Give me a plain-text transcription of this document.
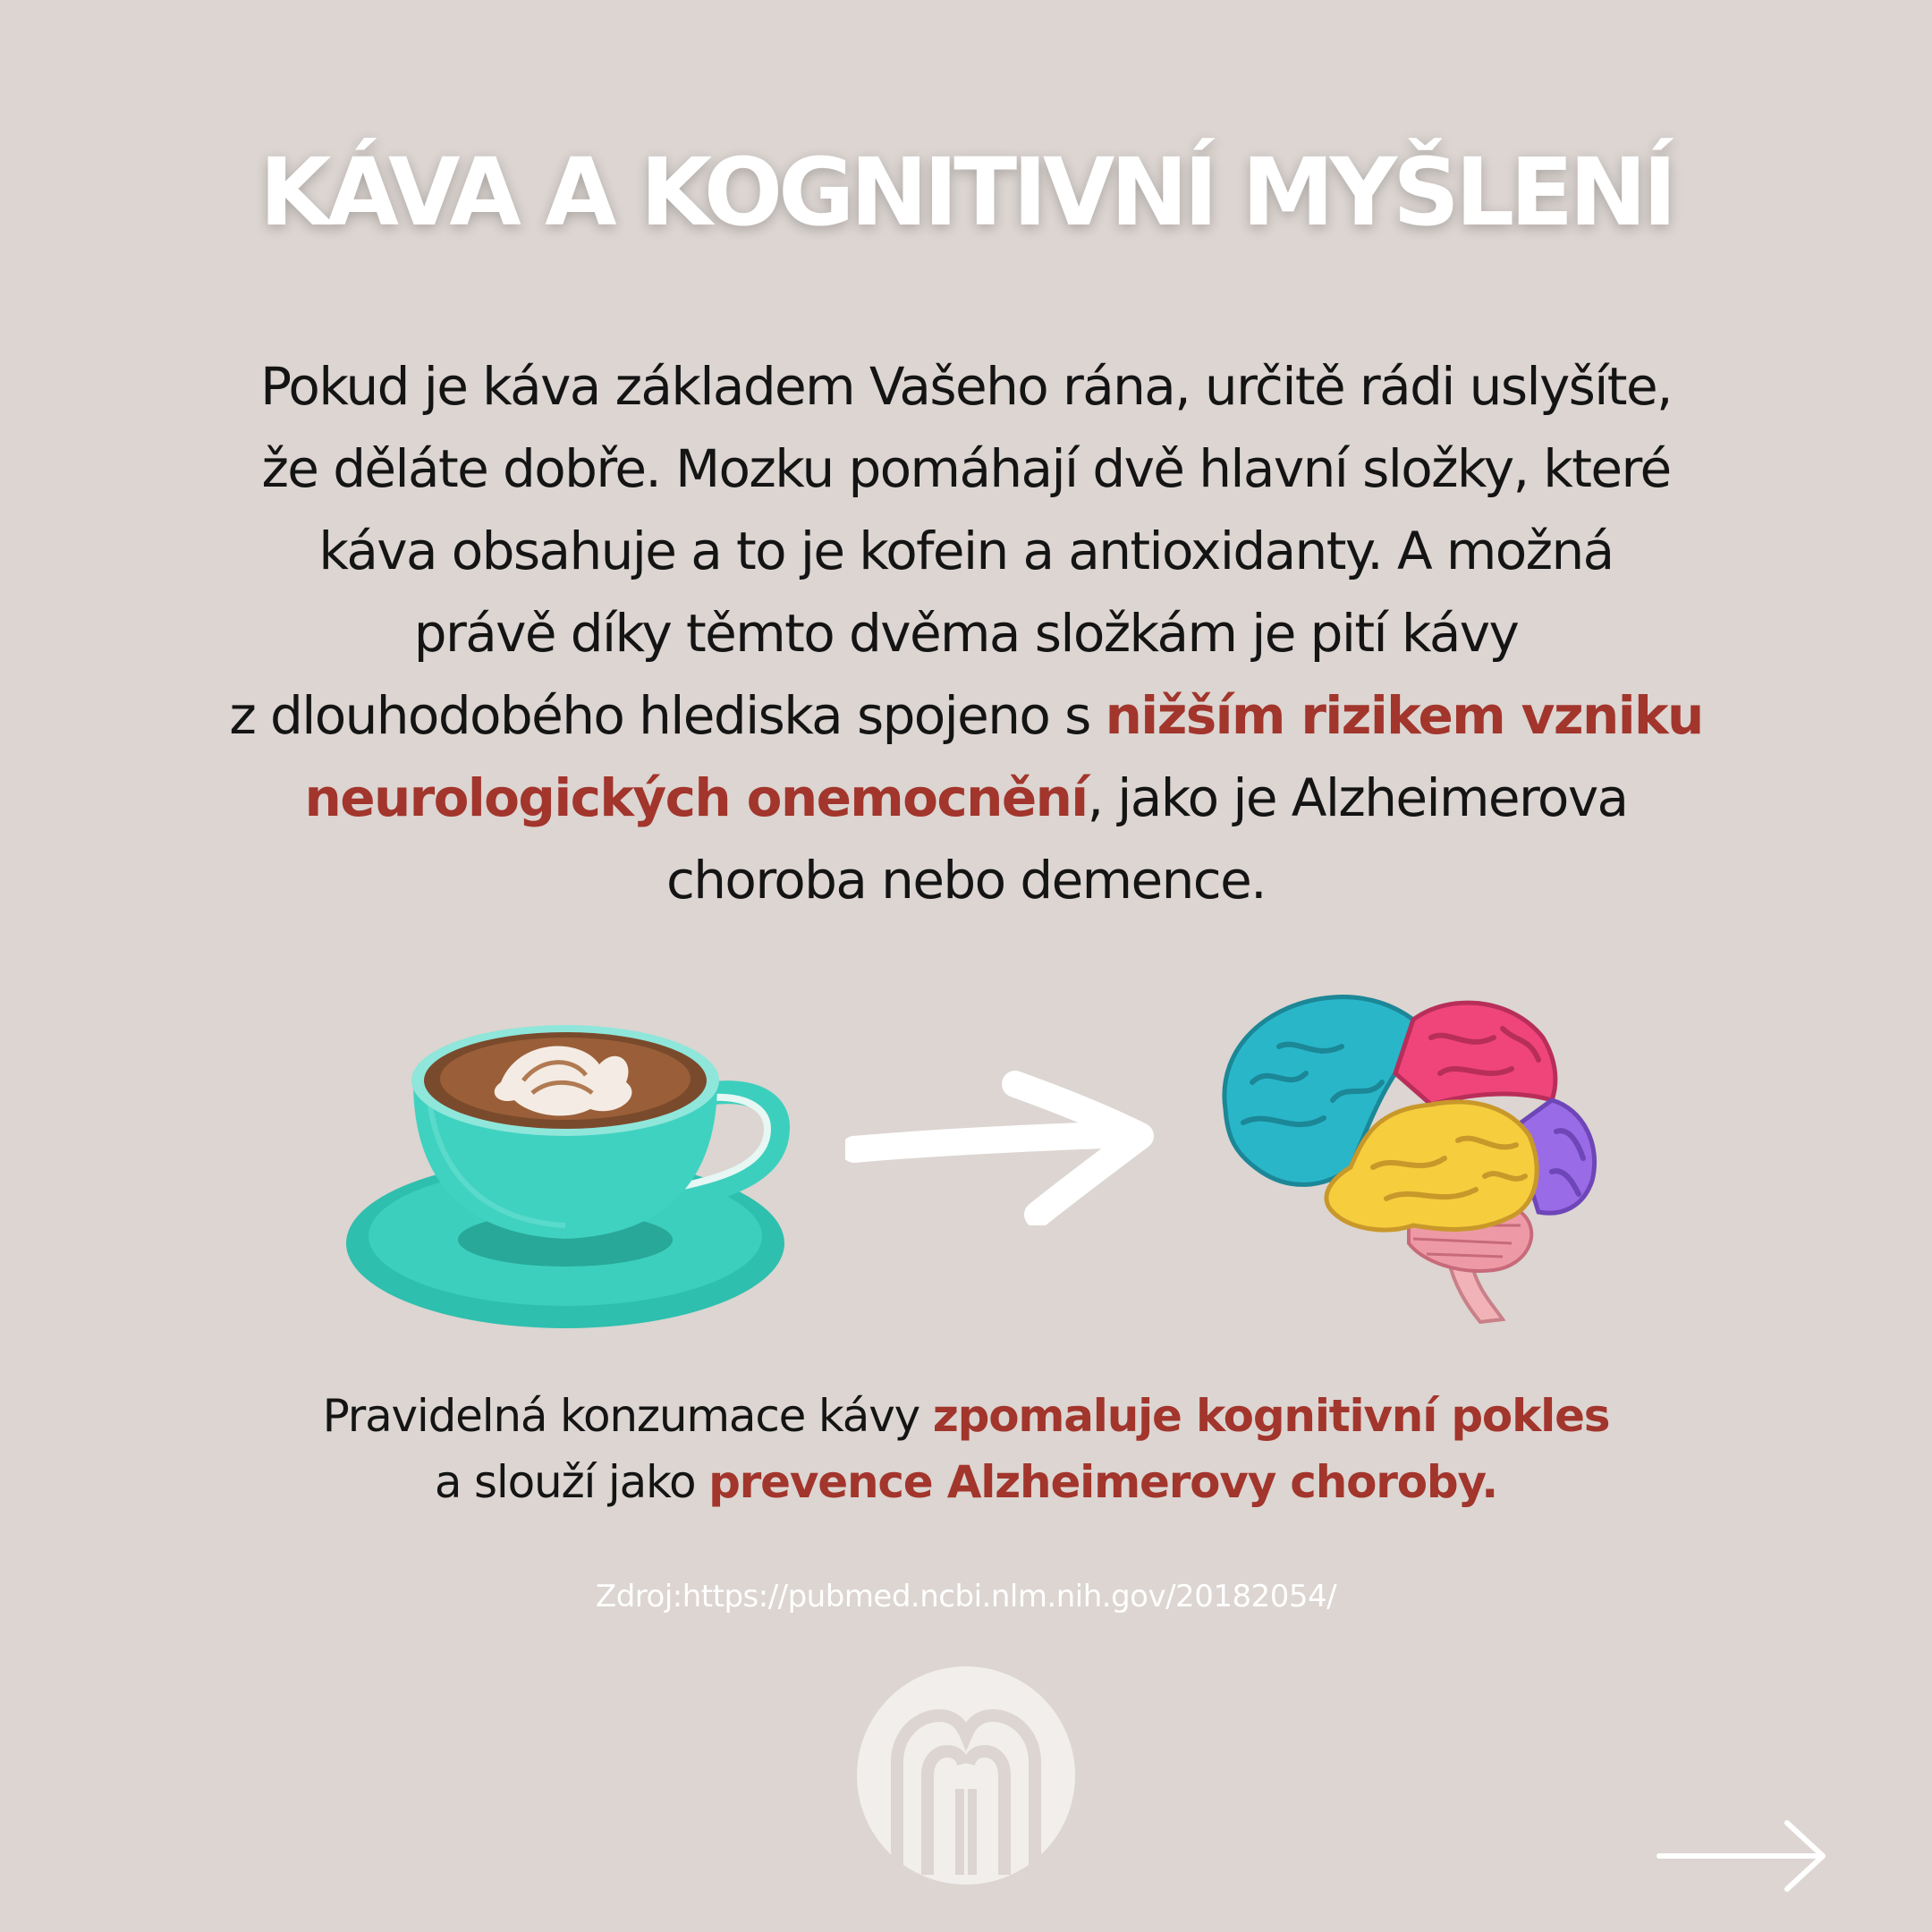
KÁVA A KOGNITIVNÍ MYŠLENÍ
Pokud je káva základem Vašeho rána, určitě rádi uslyšíte,
že děláte dobře. Mozku pomáhají dvě hlavní složky, které
káva obsahuje a to je kofein a antioxidanty. A možná
právě díky těmto dvěma složkám je pití kávy
z dlouhodobého hlediska spojeno s nižším rizikem vzniku
neurologických onemocnění, jako je Alzheimerova
choroba nebo demence.
Pravidelná konzumace kávy zpomaluje kognitivní pokles
a slouží jako prevence Alzheimerovy choroby.
Zdroj:https://pubmed.ncbi.nlm.nih.gov/20182054/
